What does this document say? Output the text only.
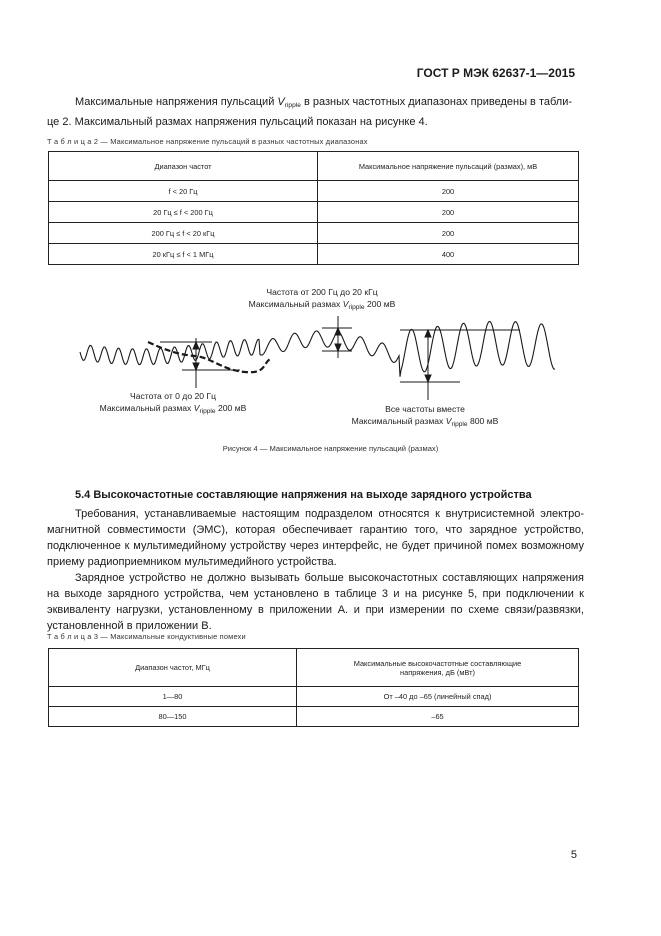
ГОСТ Р МЭК 62637-1—2015
Максимальные напряжения пульсаций $V_{ripple}$ в разных частотных диапазонах приведены в табли-
це 2. Максимальный размах напряжения пульсаций показан на рисунке 4.
Т а б л и ц а 2 — Максимальное напряжение пульсаций в разных частотных диапазонах
Диапазон частот	Максимальное напряжение пульсаций (размах), мВ
f < 20 Гц	200
20 Гц ≤ f < 200 Гц	200
200 Гц ≤ f < 20 кГц	200
20 кГц ≤ f < 1 МГц	400
Частота от 200 Гц до 20 кГц
Максимальный размах $V_{ripple}$ 200 мВ
Частота от 0 до 20 Гц
Максимальный размах $V_{ripple}$ 200 мВ	Все частоты вместе
Максимальный размах $V_{ripple}$ 800 мВ
Рисунок 4 — Максимальное напряжение пульсаций (размах)
5.4 Высокочастотные составляющие напряжения на выходе зарядного устройства
Требования, устанавливаемые настоящим подразделом относятся к внутрисистемной электро-магнитной совместимости (ЭМС), которая обеспечивает гарантию того, что зарядное устройство, подключенное к мультимедийному устройству через интерфейс, не будет причиной помех возможному приему радиоприемником мультимедийного устройства.
Зарядное устройство не должно вызывать больше высокочастотных составляющих напряжения на выходе зарядного устройства, чем установлено в таблице 3 и на рисунке 5, при подключении к эквиваленту нагрузки, установленному в приложении А. и при измерении по схеме связи/развязки, установленной в приложении В.
Т а б л и ц а 3 — Максимальные кондуктивные помехи
Диапазон частот, МГц	Максимальные высокочастотные составляющие напряжения, дБ (мВт)
1—80	От –40 до –65 (линейный спад)
80—150	–65
5
